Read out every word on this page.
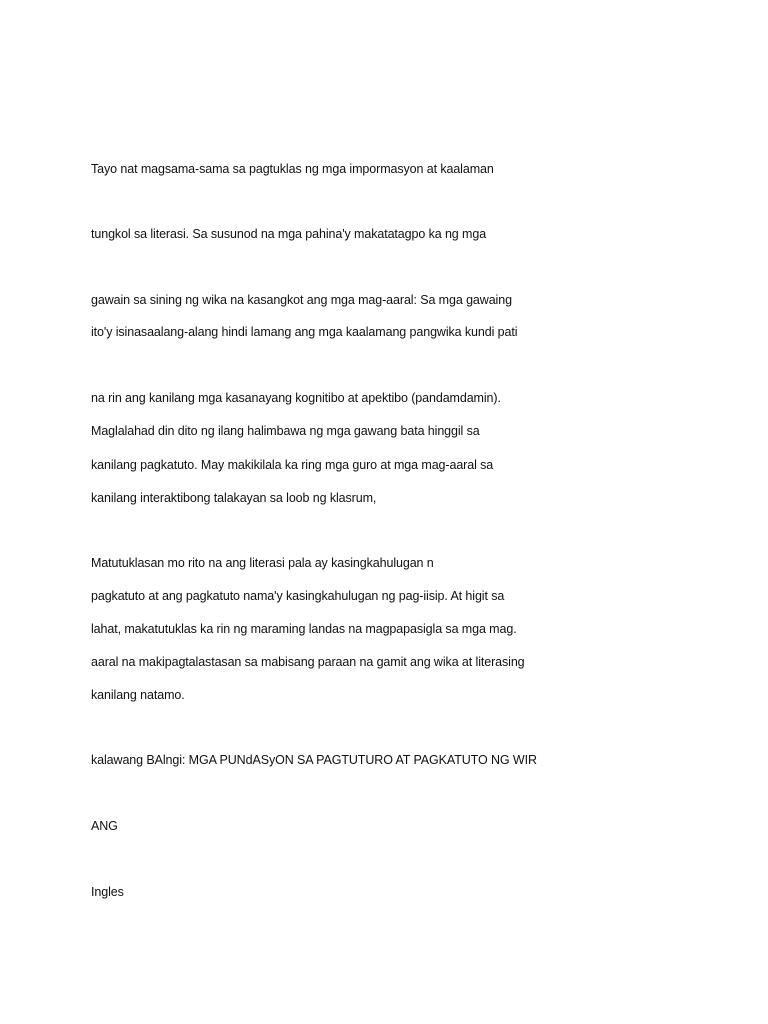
Tayo nat magsama-sama sa pagtuklas ng mga impormasyon at kaalaman
tungkol sa literasi. Sa susunod na mga pahina'y makatatagpo ka ng mga
gawain sa sining ng wika na kasangkot ang mga mag-aaral: Sa mga gawaing
ito'y isinasaalang-alang hindi lamang ang mga kaalamang pangwika kundi pati
na rin ang kanilang mga kasanayang kognitibo at apektibo (pandamdamin).
Maglalahad din dito ng ilang halimbawa ng mga gawang bata hinggil sa
kanilang pagkatuto. May makikilala ka ring mga guro at mga mag-aaral sa
kanilang interaktibong talakayan sa loob ng klasrum,
Matutuklasan mo rito na ang literasi pala ay kasingkahulugan n
pagkatuto at ang pagkatuto nama'y kasingkahulugan ng pag-iisip. At higit sa
lahat, makatutuklas ka rin ng maraming landas na magpapasigla sa mga mag.
aaral na makipagtalastasan sa mabisang paraan na gamit ang wika at literasing
kanilang natamo.
kalawang BAlngi: MGA PUNdASyON SA PAGTUTURO AT PAGKATUTO NG WIR
ANG
Ingles
